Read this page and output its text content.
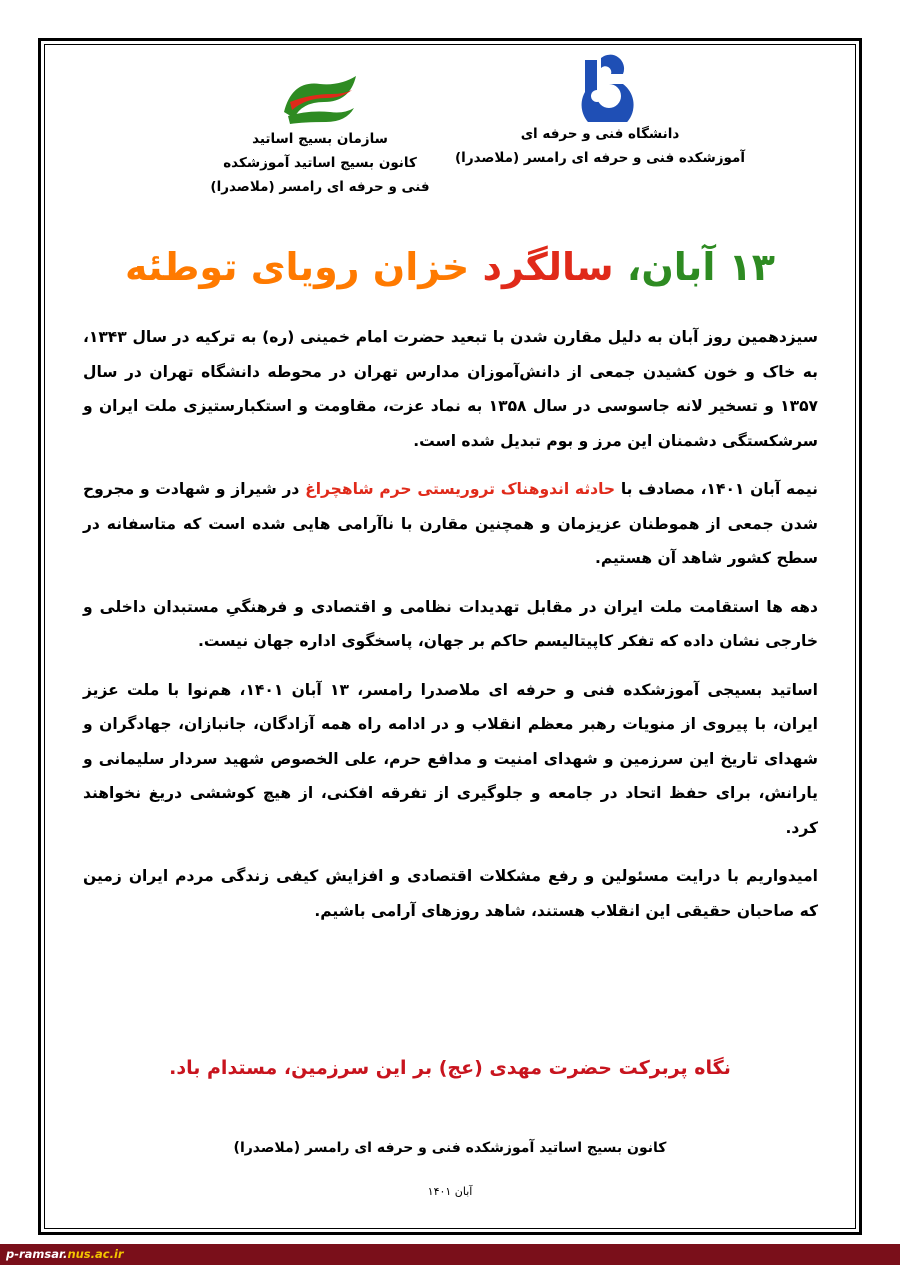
دانشگاه فنی و حرفه ای
آموزشکده فنی و حرفه ای رامسر (ملاصدرا)
سازمان بسیج اساتید
کانون بسیج اساتید آموزشکده
فنی و حرفه ای رامسر (ملاصدرا)
۱۳ آبان، سالگرد خزان رویای توطئه

سیزدهمین روز آبان به دلیل مقارن شدن با تبعید حضرت امام خمینی (ره) به ترکیه در سال ۱۳۴۳، به خاک و خون کشیدن جمعی از دانش‌آموزان مدارس تهران در محوطه دانشگاه تهران در سال ۱۳۵۷ و تسخیر لانه جاسوسی در سال ۱۳۵۸ به نماد عزت، مقاومت و استکبارستیزی ملت ایران و سرشکستگی دشمنان این مرز و بوم تبدیل شده است.

نیمه آبان ۱۴۰۱، مصادف با حادثه اندوهناک تروریستی حرم شاهچراغ در شیراز و شهادت و مجروح شدن جمعی از هموطنان عزیزمان و همچنین مقارن با ناآرامی هایی شده است که متاسفانه در سطح کشور شاهد آن هستیم.

دهه ها استقامت ملت ایران در مقابل تهدیدات نظامی و اقتصادی و فرهنگیِ مستبدان داخلی و خارجی نشان داده که تفکر کاپیتالیسم حاکم بر جهان، پاسخگوی اداره جهان نیست.

اساتید بسیجی آموزشکده فنی و حرفه ای ملاصدرا رامسر، ۱۳ آبان ۱۴۰۱، هم‌نوا با ملت عزیز ایران، با پیروی از منویات رهبر معظم انقلاب و در ادامه راه همه آزادگان، جانبازان، جهادگران و شهدای تاریخ این سرزمین و شهدای امنیت و مدافع حرم، علی الخصوص شهید سردار سلیمانی و یارانش، برای حفظ اتحاد در جامعه و جلوگیری از تفرقه افکنی، از هیچ کوششی دریغ نخواهند کرد.

امیدواریم با درایت مسئولین و رفع مشکلات اقتصادی و افزایش کیفی زندگی مردم ایران زمین که صاحبان حقیقی این انقلاب هستند، شاهد روزهای آرامی باشیم.

نگاه پربرکت حضرت مهدی (عج) بر این سرزمین، مستدام باد.
کانون بسیج اساتید آموزشکده فنی و حرفه ای رامسر (ملاصدرا)
آبان ۱۴۰۱
p-ramsar.nus.ac.ir
